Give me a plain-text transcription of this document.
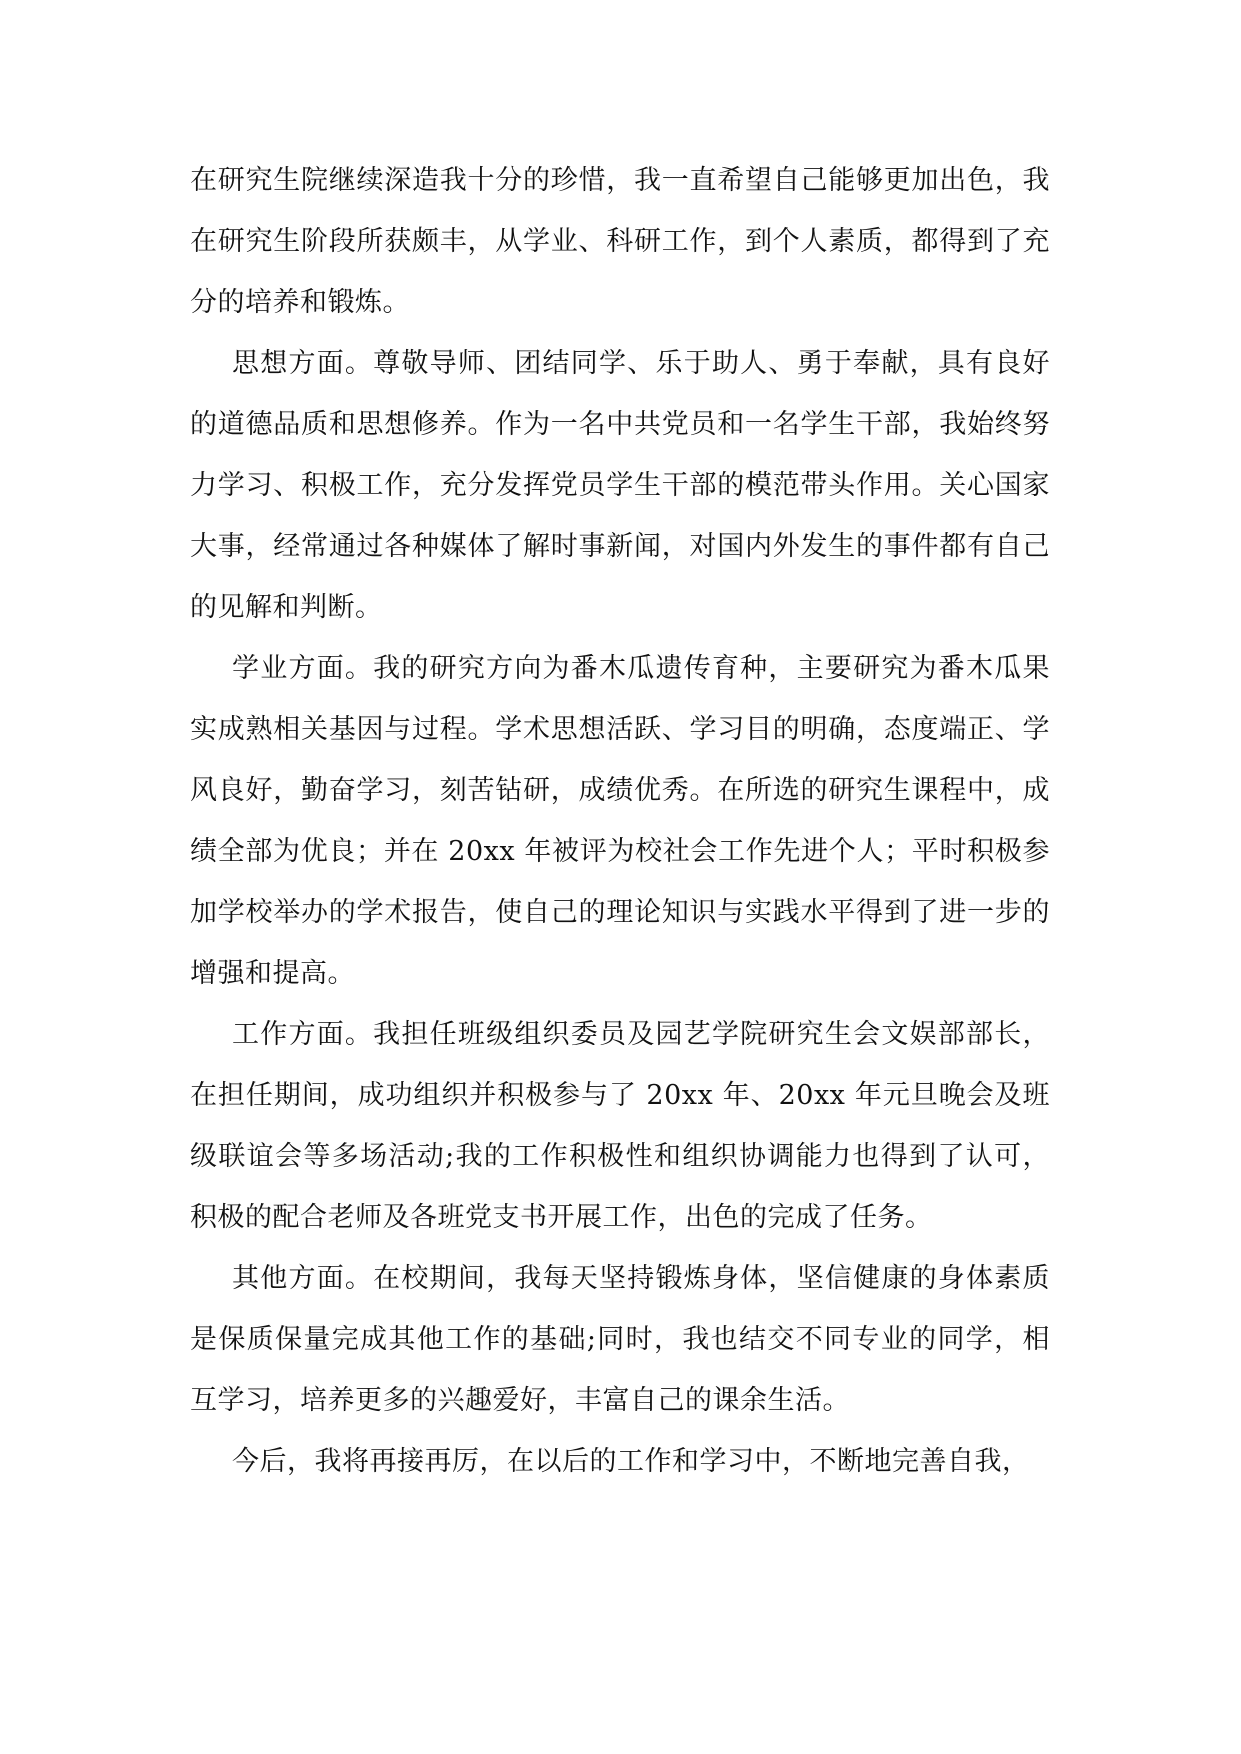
在研究生院继续深造我十分的珍惜，我一直希望自己能够更加出色，我在研究生阶段所获颇丰，从学业、科研工作，到个人素质，都得到了充分的培养和锻炼。

思想方面。尊敬导师、团结同学、乐于助人、勇于奉献，具有良好的道德品质和思想修养。作为一名中共党员和一名学生干部，我始终努力学习、积极工作，充分发挥党员学生干部的模范带头作用。关心国家大事，经常通过各种媒体了解时事新闻，对国内外发生的事件都有自己的见解和判断。

学业方面。我的研究方向为番木瓜遗传育种，主要研究为番木瓜果实成熟相关基因与过程。学术思想活跃、学习目的明确，态度端正、学风良好，勤奋学习，刻苦钻研，成绩优秀。在所选的研究生课程中，成绩全部为优良；并在 20xx 年被评为校社会工作先进个人；平时积极参加学校举办的学术报告，使自己的理论知识与实践水平得到了进一步的增强和提高。

工作方面。我担任班级组织委员及园艺学院研究生会文娱部部长，在担任期间，成功组织并积极参与了 20xx 年、20xx 年元旦晚会及班级联谊会等多场活动;我的工作积极性和组织协调能力也得到了认可，积极的配合老师及各班党支书开展工作，出色的完成了任务。

其他方面。在校期间，我每天坚持锻炼身体，坚信健康的身体素质是保质保量完成其他工作的基础;同时，我也结交不同专业的同学，相互学习，培养更多的兴趣爱好，丰富自己的课余生活。

今后，我将再接再厉，在以后的工作和学习中，不断地完善自我，
